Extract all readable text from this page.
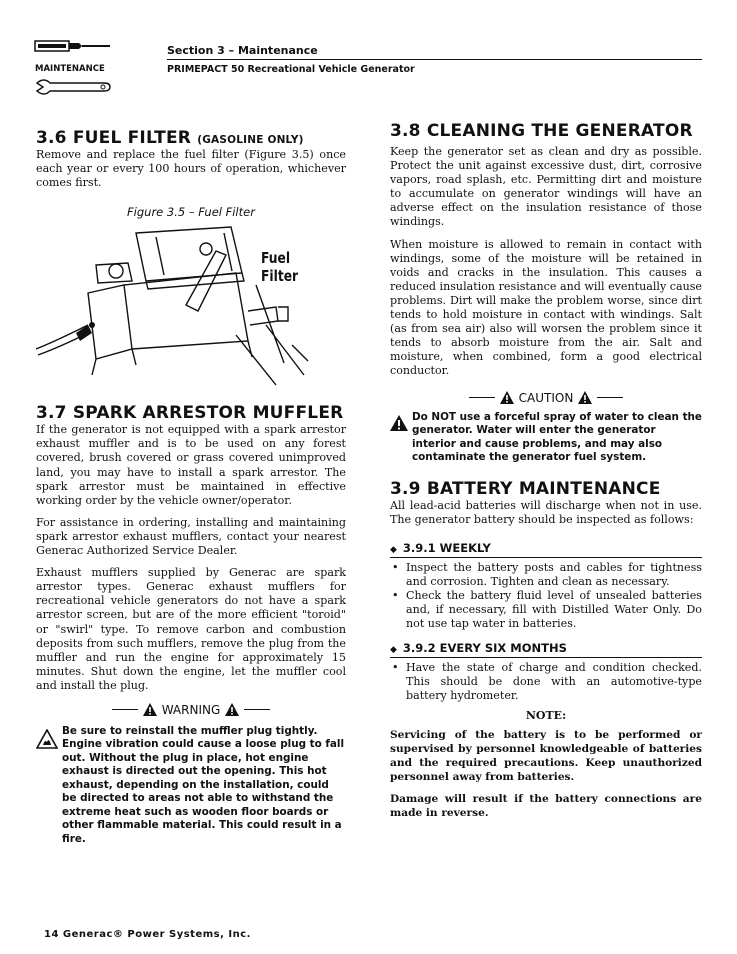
MAINTENANCE
Section 3 – Maintenance
PRIMEPACT 50 Recreational Vehicle Generator
3.6 FUEL FILTER (GASOLINE ONLY)

Remove and replace the fuel filter (Figure 3.5) once each year or every 100 hours of operation, whichever comes first.

Figure 3.5 – Fuel Filter
Fuel Filter
3.7 SPARK ARRESTOR MUFFLER

If the generator is not equipped with a spark arrestor exhaust muffler and is to be used on any forest covered, brush covered or grass covered unimproved land, you may have to install a spark arrestor. The spark arrestor must be maintained in effective working order by the vehicle owner/operator.

For assistance in ordering, installing and maintaining spark arrestor exhaust mufflers, contact your nearest Generac Authorized Service Dealer.

Exhaust mufflers supplied by Generac are spark arrestor types. Generac exhaust mufflers for recreational vehicle generators do not have a spark arrestor screen, but are of the more efficient "toroid" or "swirl" type. To remove carbon and combustion deposits from such mufflers, remove the plug from the muffler and run the engine for approximately 15 minutes. Shut down the engine, let the muffler cool and install the plug.

WARNING
Be sure to reinstall the muffler plug tightly. Engine vibration could cause a loose plug to fall out. Without the plug in place, hot engine exhaust is directed out the opening. This hot exhaust, depending on the installation, could be directed to areas not able to withstand the extreme heat such as wooden floor boards or other flammable material. This could result in a fire.
3.8 CLEANING THE GENERATOR

Keep the generator set as clean and dry as possible. Protect the unit against excessive dust, dirt, corrosive vapors, road splash, etc. Permitting dirt and moisture to accumulate on generator windings will have an adverse effect on the insulation resistance of those windings.

When moisture is allowed to remain in contact with windings, some of the moisture will be retained in voids and cracks in the insulation. This causes a reduced insulation resistance and will eventually cause problems. Dirt will make the problem worse, since dirt tends to hold moisture in contact with windings. Salt (as from sea air) also will worsen the problem since it tends to absorb moisture from the air. Salt and moisture, when combined, form a good electrical conductor.

CAUTION
Do NOT use a forceful spray of water to clean the generator. Water will enter the generator interior and cause problems, and may also contaminate the generator fuel system.
3.9 BATTERY MAINTENANCE

All lead-acid batteries will discharge when not in use. The generator battery should be inspected as follows:

◆ 3.9.1 WEEKLY
• Inspect the battery posts and cables for tightness and corrosion. Tighten and clean as necessary.
• Check the battery fluid level of unsealed batteries and, if necessary, fill with Distilled Water Only. Do not use tap water in batteries.
◆ 3.9.2 EVERY SIX MONTHS
• Have the state of charge and condition checked. This should be done with an automotive-type battery hydrometer.
NOTE:

Servicing of the battery is to be performed or supervised by personnel knowledgeable of batteries and the required precautions. Keep unauthorized personnel away from batteries.

Damage will result if the battery connections are made in reverse.

14 Generac® Power Systems, Inc.
